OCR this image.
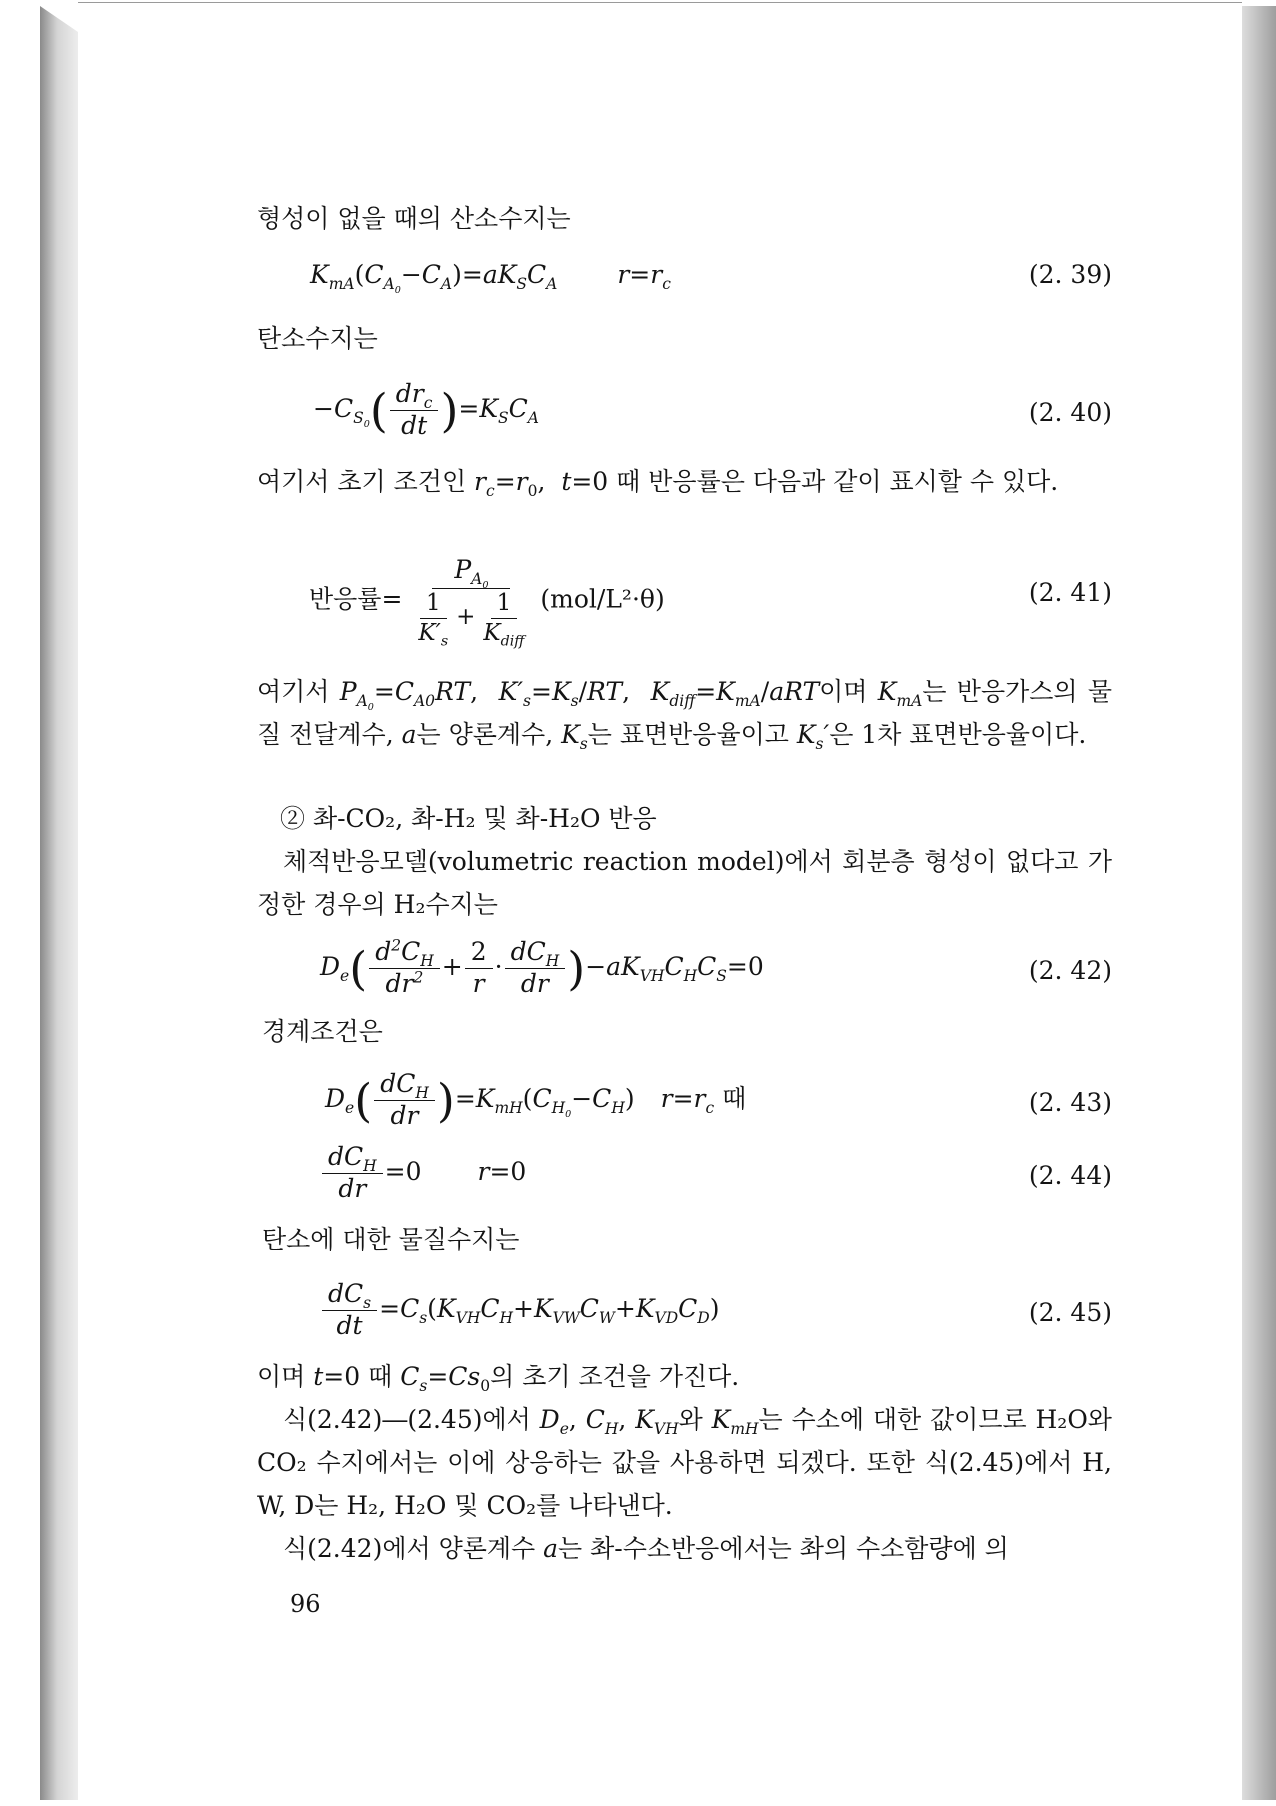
형성이 없을 때의 산소수지는

$K_{mA}(C_{A_0}-C_A)=aK_SC_A$ $r=r_c$	(2. 39)

탄소수지는

$-C_{S_0}( \frac{dr_c}{dt} )=K_SC_A$	(2. 40)

여기서 초기 조건인 $r_c=r_0$,  t=0 때 반응률은 다음과 같이 표시할 수 있다.

반응률= $\frac{P_{A_0}}{\frac{1}{K'_s} + \frac{1}{K_{diff}}} (mol/L^2\cdot\theta)$	(2. 41)

여기서 $P_{A_0}=C_{A0}RT$,  $K'_s=K_s/RT$,  $K_{diff}=K_{mA}$/aRT이며 $K_{mA}$는 반응가스의 물질 전달계수, a는 양론계수, $K_s$는 표면반응율이고 $K_s'$은 1차 표면반응율이다.

② 촤-CO₂, 촤-H₂ 및 촤-H₂O 반응

체적반응모델(volumetric reaction model)에서 회분층 형성이 없다고 가정한 경우의 H₂수지는

$D_e( \frac{d^2C_H}{dr^2} + \frac{2}{r} \cdot \frac{dC_H}{dr} )-aK_{VH}C_HC_S=0$	(2. 42)

경계조건은

$D_e( \frac{dC_H}{dr} )=K_{mH}(C_{H_0}-C_H)$ $r=r_c$ 때	(2. 43)
$\frac{dC_H}{dr} =0$ r=0	(2. 44)

탄소에 대한 물질수지는

$\frac{dC_s}{dt} =C_s(K_{VH}C_H+K_{VW}C_W+K_{VD}C_D)$	(2. 45)

이며 t=0 때 $C_s=Cs_0$의 초기 조건을 가진다.

식(2.42)―(2.45)에서 $D_e$, $C_H$, $K_{VH}$와 $K_{mH}$는 수소에 대한 값이므로 H₂O와 CO₂ 수지에서는 이에 상응하는 값을 사용하면 되겠다. 또한 식(2.45)에서 H, W, D는 H₂, H₂O 및 CO₂를 나타낸다.

식(2.42)에서 양론계수 a는 촤-수소반응에서는 촤의 수소함량에 의

96
